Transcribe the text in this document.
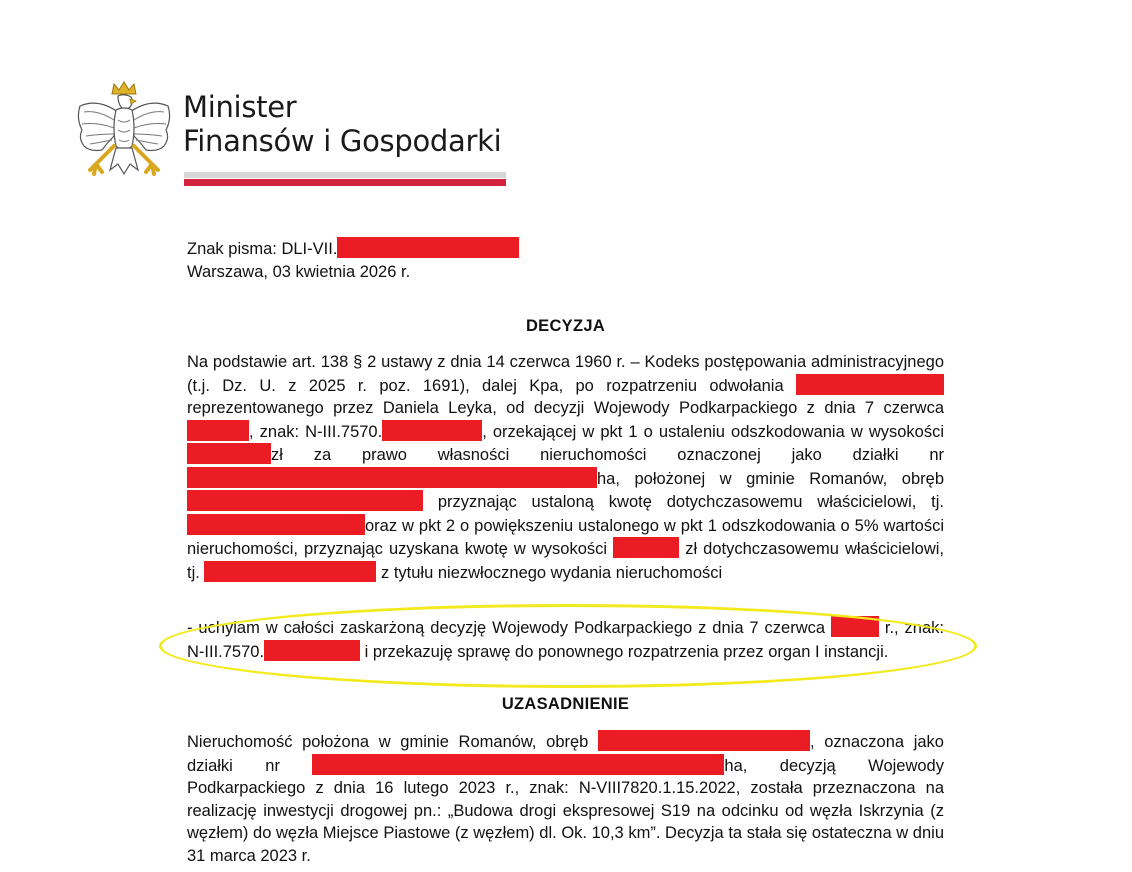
Minister
Finansów i Gospodarki
Znak pisma: DLI-VII.
Warszawa, 03 kwietnia 2026 r.
DECYZJA

Na podstawie art. 138 § 2 ustawy z dnia 14 czerwca 1960 r. – Kodeks postępowania administracyjnego (t.j. Dz. U. z 2025 r. poz. 1691), dalej Kpa, po rozpatrzeniu odwołania  reprezentowanego przez Daniela Leyka, od decyzji Wojewody Podkarpackiego z dnia 7 czerwca , znak: N-III.7570.	, orzekającej w pkt 1 o ustaleniu odszkodowania w wysokości zł za prawo własności nieruchomości oznaczonej jako działki nr ha, położonej w gminie Romanów, obręb  przyznając ustaloną kwotę dotychczasowemu właścicielowi, tj. oraz w pkt 2 o powiększeniu ustalonego w pkt 1 odszkodowania o 5% wartości nieruchomości, przyznając uzyskana kwotę w wysokości	zł dotychczasowemu właścicielowi, tj.	z tytułu niezwłocznego wydania nieruchomości

- uchylam w całości zaskarżoną decyzję Wojewody Podkarpackiego z dnia 7 czerwca	r., znak: N-III.7570.	i przekazuję sprawę do ponownego rozpatrzenia przez organ I instancji.

UZASADNIENIE

Nieruchomość położona w gminie Romanów, obręb	, oznaczona jako działki nr	ha, decyzją Wojewody Podkarpackiego z dnia 16 lutego 2023 r., znak: N-VIII7820.1.15.2022, została przeznaczona na realizację inwestycji drogowej pn.: „Budowa drogi ekspresowej S19 na odcinku od węzła Iskrzynia (z węzłem) do węzła Miejsce Piastowe (z węzłem) dl. Ok. 10,3 km”. Decyzja ta stała się ostateczna w dniu 31 marca 2023 r.
